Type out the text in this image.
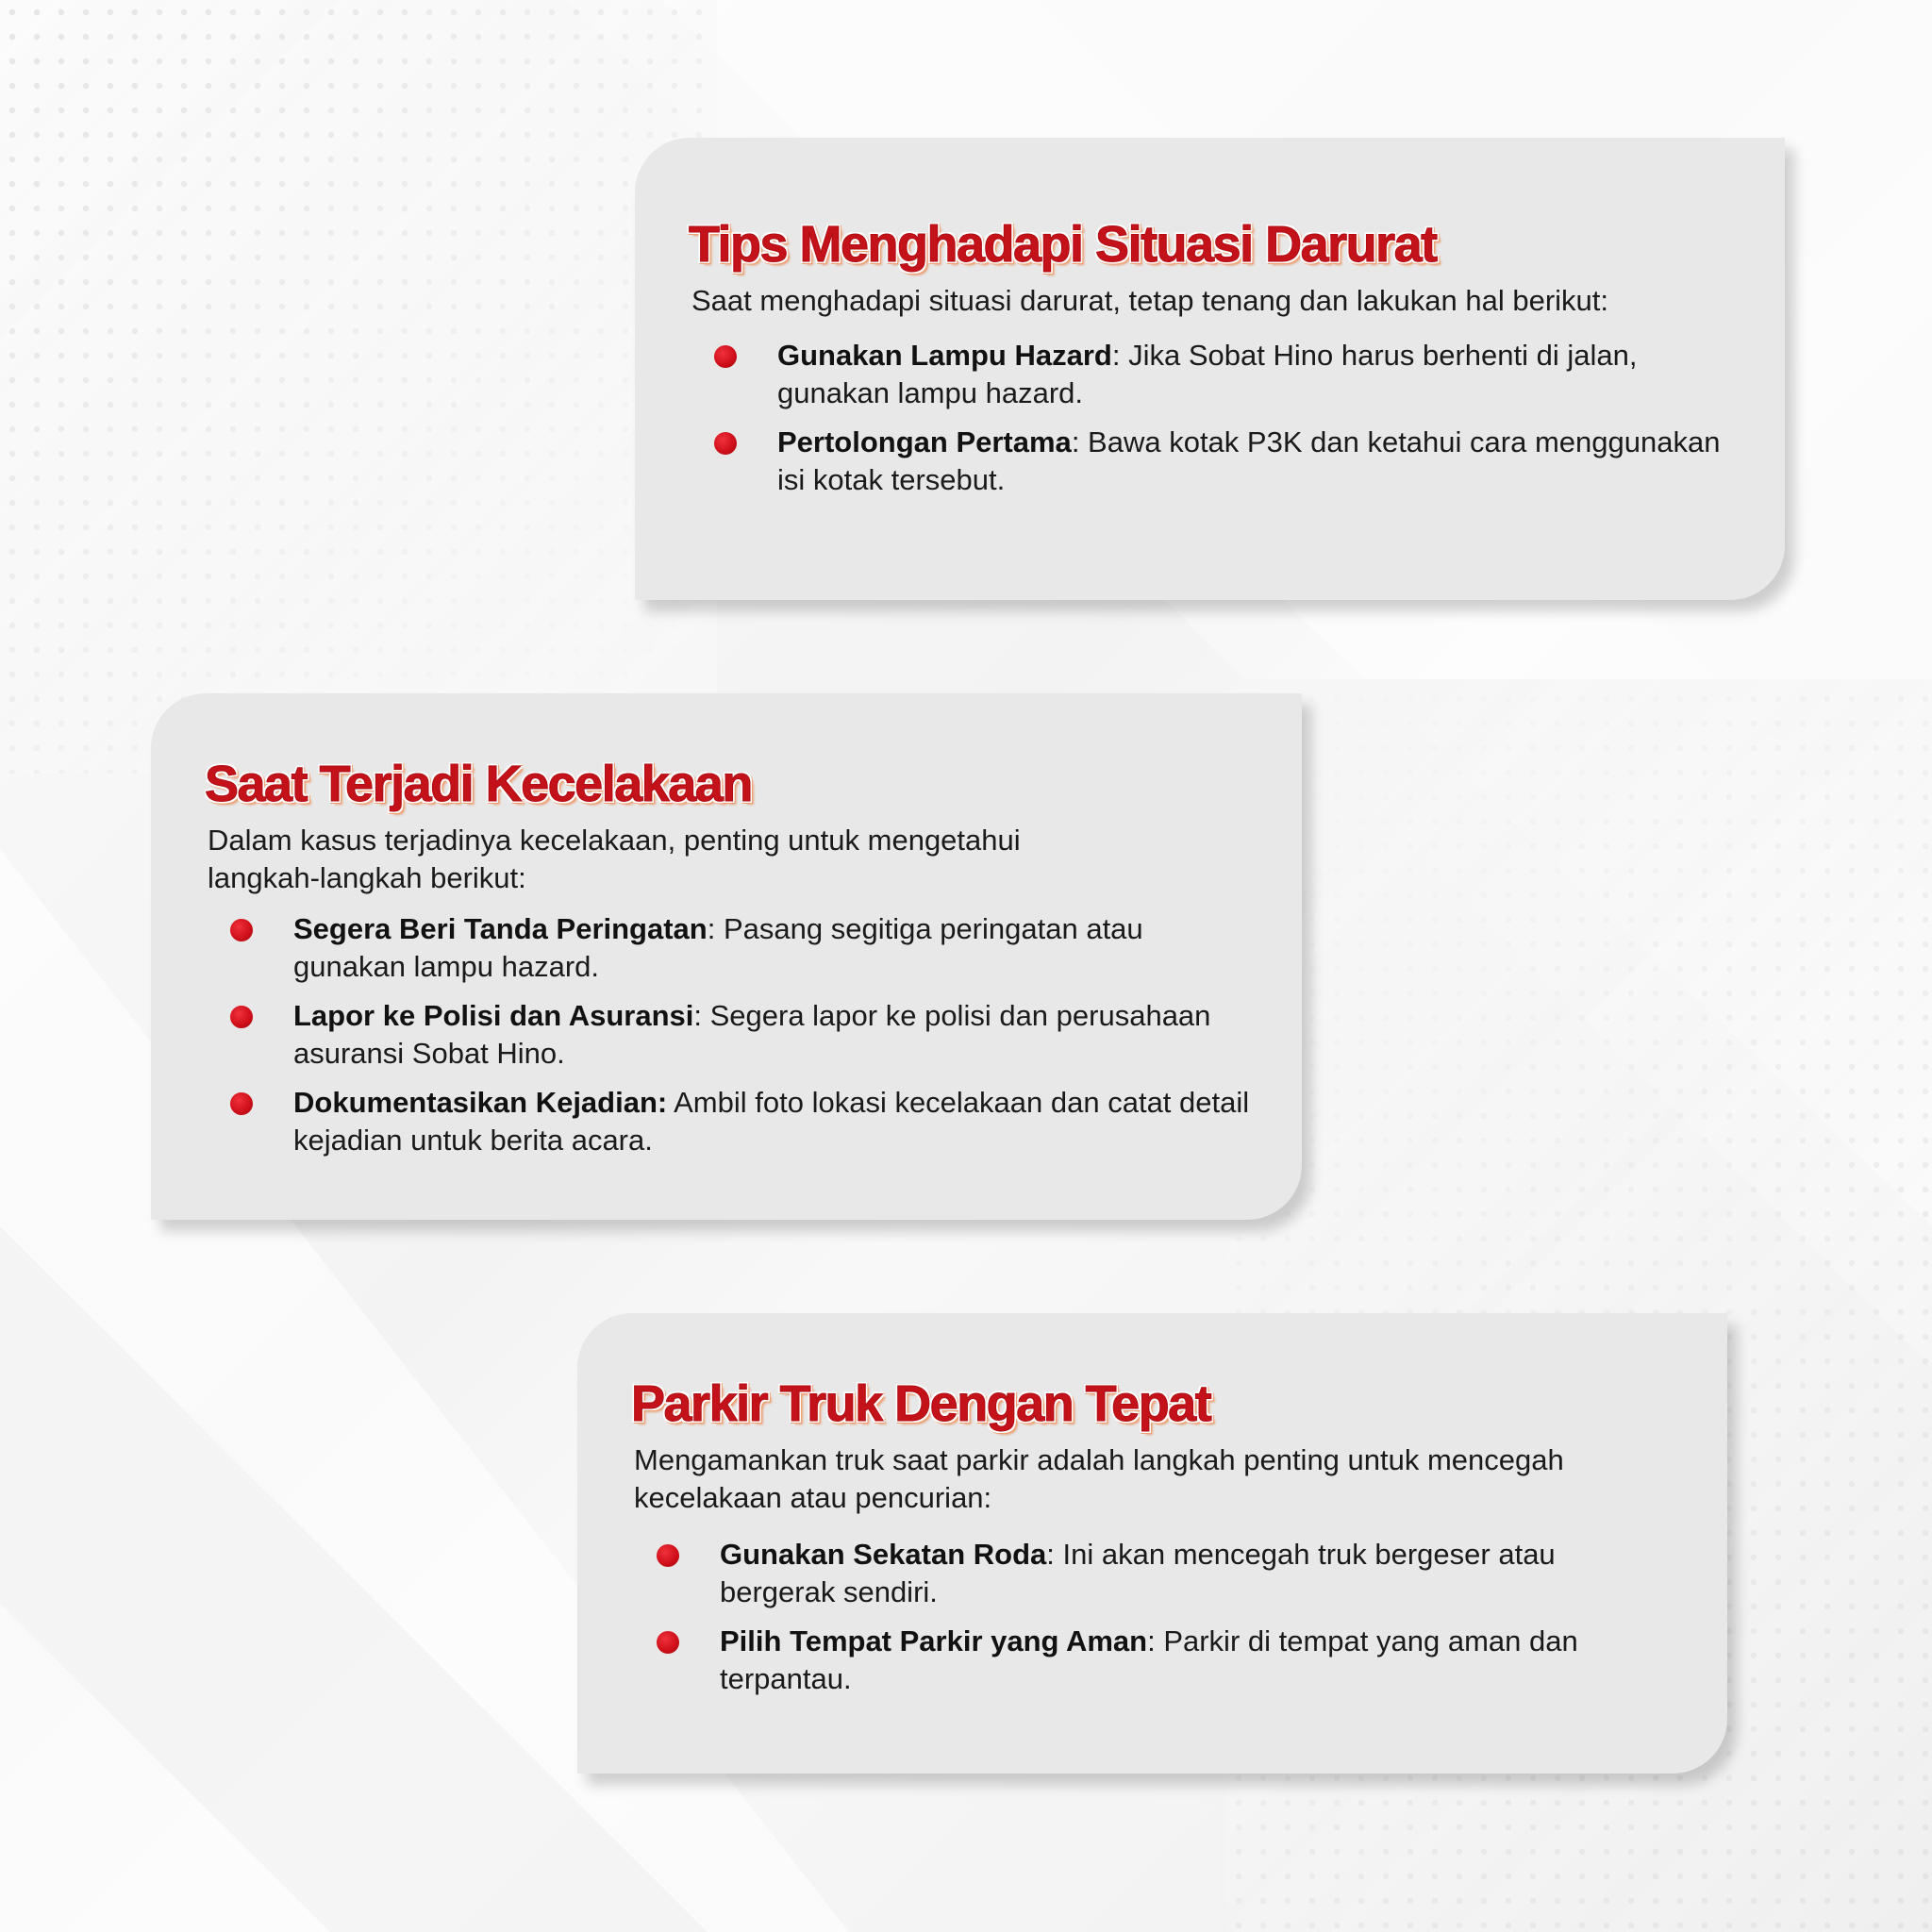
Tips Menghadapi Situasi Darurat

Saat menghadapi situasi darurat, tetap tenang dan lakukan hal berikut:

Gunakan Lampu Hazard: Jika Sobat Hino harus berhenti di jalan, gunakan lampu hazard.
Pertolongan Pertama: Bawa kotak P3K dan ketahui cara menggunakan isi kotak tersebut.
Saat Terjadi Kecelakaan

Dalam kasus terjadinya kecelakaan, penting untuk mengetahui langkah-langkah berikut:

Segera Beri Tanda Peringatan: Pasang segitiga peringatan atau gunakan lampu hazard.
Lapor ke Polisi dan Asuransi: Segera lapor ke polisi dan perusahaan asuransi Sobat Hino.
Dokumentasikan Kejadian: Ambil foto lokasi kecelakaan dan catat detail kejadian untuk berita acara.
Parkir Truk Dengan Tepat

Mengamankan truk saat parkir adalah langkah penting untuk mencegah kecelakaan atau pencurian:

Gunakan Sekatan Roda: Ini akan mencegah truk bergeser atau bergerak sendiri.
Pilih Tempat Parkir yang Aman: Parkir di tempat yang aman dan terpantau.
